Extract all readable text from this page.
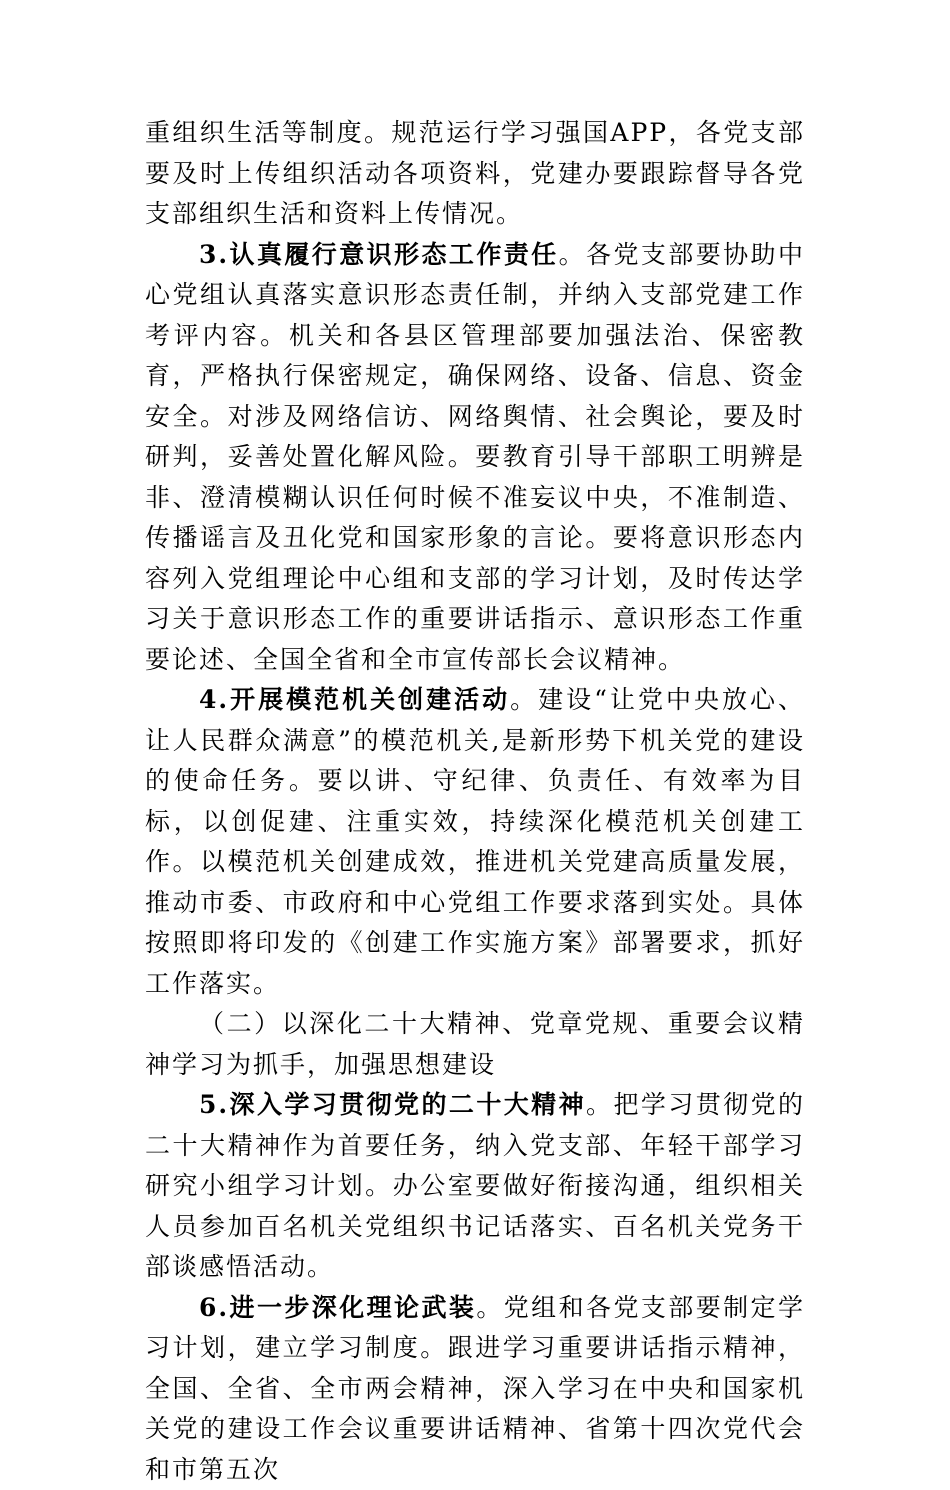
重组织生活等制度。规范运行学习强国APP，各党支部要及时上传组织活动各项资料，党建办要跟踪督导各党支部组织生活和资料上传情况。

3.认真履行意识形态工作责任。各党支部要协助中心党组认真落实意识形态责任制，并纳入支部党建工作考评内容。机关和各县区管理部要加强法治、保密教育，严格执行保密规定，确保网络、设备、信息、资金安全。对涉及网络信访、网络舆情、社会舆论，要及时研判，妥善处置化解风险。要教育引导干部职工明辨是非、澄清模糊认识任何时候不准妄议中央，不准制造、传播谣言及丑化党和国家形象的言论。要将意识形态内容列入党组理论中心组和支部的学习计划，及时传达学习关于意识形态工作的重要讲话指示、意识形态工作重要论述、全国全省和全市宣传部长会议精神。

4.开展模范机关创建活动。建设“让党中央放心、让人民群众满意”的模范机关,是新形势下机关党的建设的使命任务。要以讲、守纪律、负责任、有效率为目标，以创促建、注重实效，持续深化模范机关创建工作。以模范机关创建成效，推进机关党建高质量发展，推动市委、市政府和中心党组工作要求落到实处。具体按照即将印发的《创建工作实施方案》部署要求，抓好工作落实。

（二）以深化二十大精神、党章党规、重要会议精神学习为抓手，加强思想建设

5.深入学习贯彻党的二十大精神。把学习贯彻党的二十大精神作为首要任务，纳入党支部、年轻干部学习研究小组学习计划。办公室要做好衔接沟通，组织相关人员参加百名机关党组织书记话落实、百名机关党务干部谈感悟活动。

6.进一步深化理论武装。党组和各党支部要制定学习计划，建立学习制度。跟进学习重要讲话指示精神，全国、全省、全市两会精神，深入学习在中央和国家机关党的建设工作会议重要讲话精神、省第十四次党代会和市第五次
